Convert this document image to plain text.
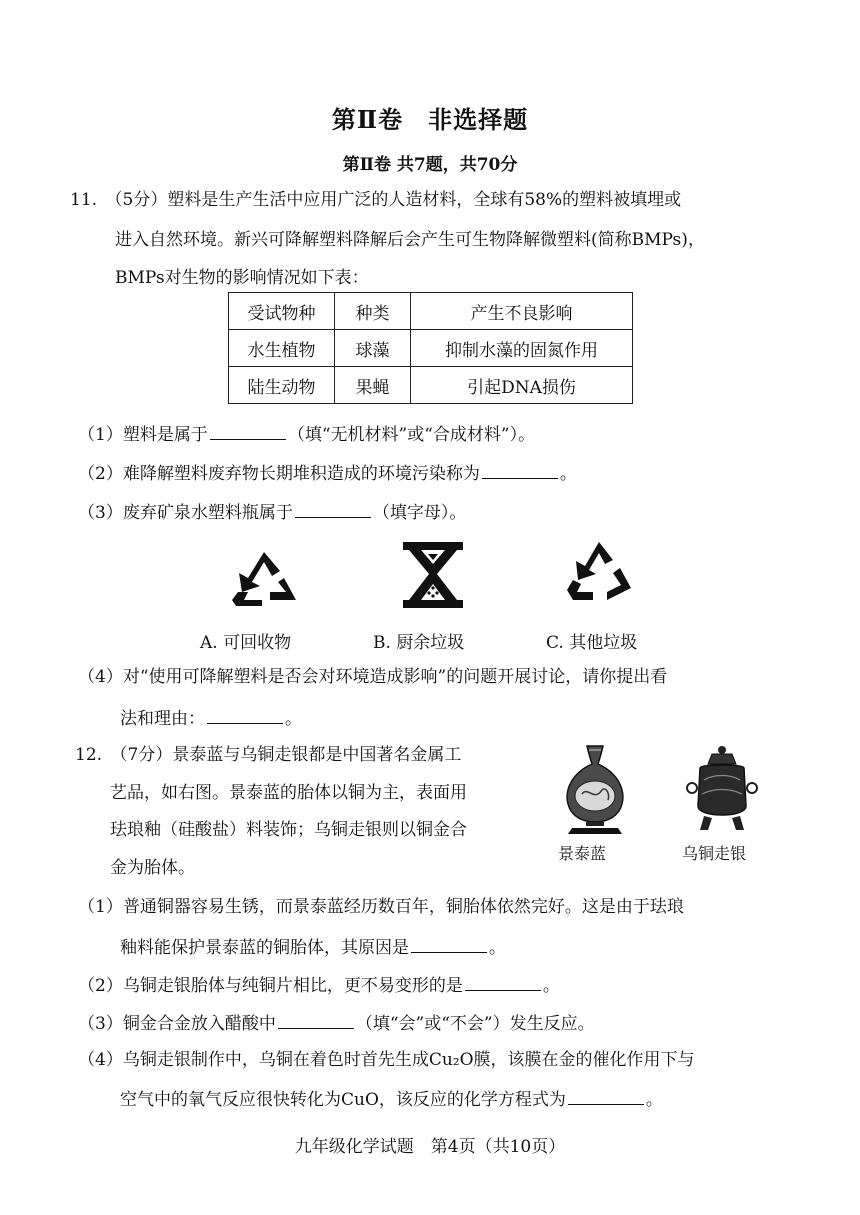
第Ⅱ卷　非选择题
第Ⅱ卷 共7题，共70分
11.　（5分）塑料是生产生活中应用广泛的人造材料，全球有58%的塑料被填埋或
进入自然环境。新兴可降解塑料降解后会产生可生物降解微塑料(简称BMPs)，
BMPs对生物的影响情况如下表：
受试物种	种类	产生不良影响
水生植物	球藻	抑制水藻的固氮作用
陆生动物	果蝇	引起DNA损伤
（1）塑料是属于	（填“无机材料”或“合成材料”）。
（2）难降解塑料废弃物长期堆积造成的环境污染称为	。
（3）废弃矿泉水塑料瓶属于	（填字母）。
A. 可回收物	B. 厨余垃圾	C. 其他垃圾
（4）对“使用可降解塑料是否会对环境造成影响”的问题开展讨论，请你提出看
法和理由：	。
12.　（7分）景泰蓝与乌铜走银都是中国著名金属工
艺品，如右图。景泰蓝的胎体以铜为主，表面用
珐琅釉（硅酸盐）料装饰；乌铜走银则以铜金合
金为胎体。
景泰蓝	乌铜走银
（1）普通铜器容易生锈，而景泰蓝经历数百年，铜胎体依然完好。这是由于珐琅
釉料能保护景泰蓝的铜胎体，其原因是	。
（2）乌铜走银胎体与纯铜片相比，更不易变形的是	。
（3）铜金合金放入醋酸中	（填“会”或“不会”）发生反应。
（4）乌铜走银制作中，乌铜在着色时首先生成Cu₂O膜，该膜在金的催化作用下与
空气中的氧气反应很快转化为CuO，该反应的化学方程式为	。
九年级化学试题　第4页（共10页）
